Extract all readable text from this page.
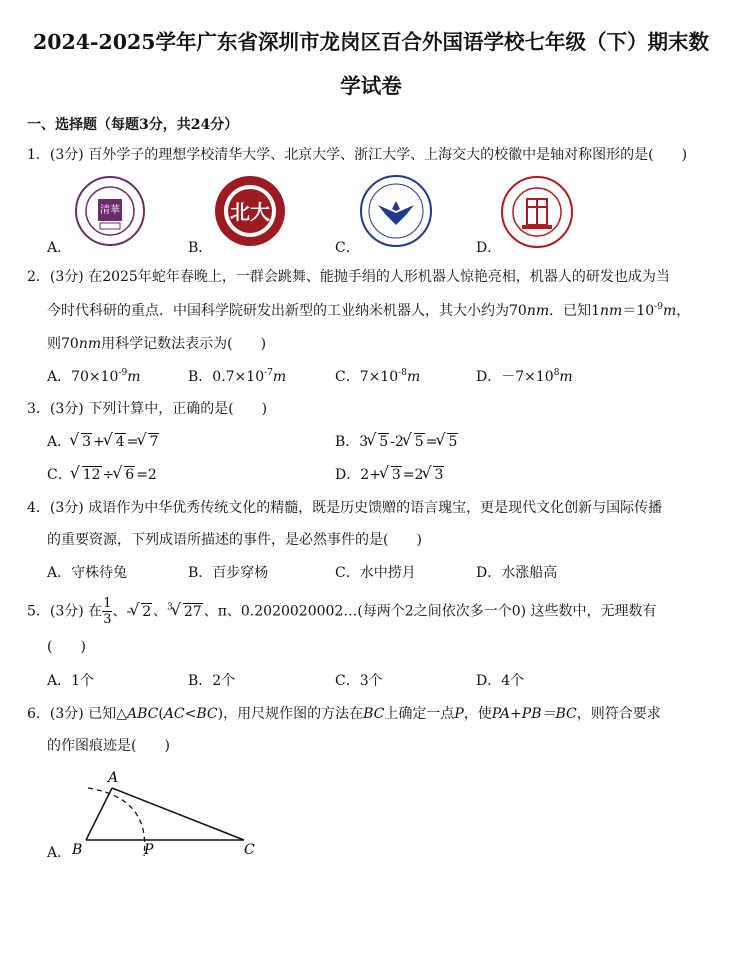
2024-2025学年广东省深圳市龙岗区百合外国语学校七年级（下）期末数
学试卷
一、选择题（每题3分，共24分）
1．(3分) 百外学子的理想学校清华大学、北京大学、浙江大学、上海交大的校徽中是轴对称图形的是(　　)
清華	北大
A．	B．	C．	D．
2．(3分) 在2025年蛇年春晚上，一群会跳舞、能抛手绢的人形机器人惊艳亮相，机器人的研发也成为当
今时代科研的重点．中国科学院研发出新型的工业纳米机器人，其大小约为70nm．已知$1nm=10^{-9}m$，
则70nm用科学记数法表示为(　　)
A．$70\times 10^{-9}m$	B．$0.7\times 10^{-7}m$	C．$7\times 10^{-8}m$	D．$-7\times 10^8m$
3．(3分) 下列计算中，正确的是(　　)
A． √ 3 + √ 4 = √ 7	B．3 √ 5 -2 √ 5 = √ 5
C． √ 12 ÷ √ 6 =2	D．2+ √ 3 =2 √ 3
4．(3分) 成语作为中华优秀传统文化的精髓，既是历史馈赠的语言瑰宝，更是现代文化创新与国际传播
的重要资源，下列成语所描述的事件，是必然事件的是(　　)
A．守株待兔	B．百步穿杨	C．水中捞月	D．水涨船高
5．(3分) 在 $\frac{1}{3}$ 、- √ 2 、$^3$ √ 27 、π、0.2020020002…(每两个2之间依次多一个0) 这些数中，无理数有
(　　)
A．1个	B．2个	C．3个	D．4个
6．(3分) 已知△ABC(AC<BC)，用尺规作图的方法在BC上确定一点P，使PA+PB＝BC，则符合要求
的作图痕迹是(　　)
A．
A
B	P	C
